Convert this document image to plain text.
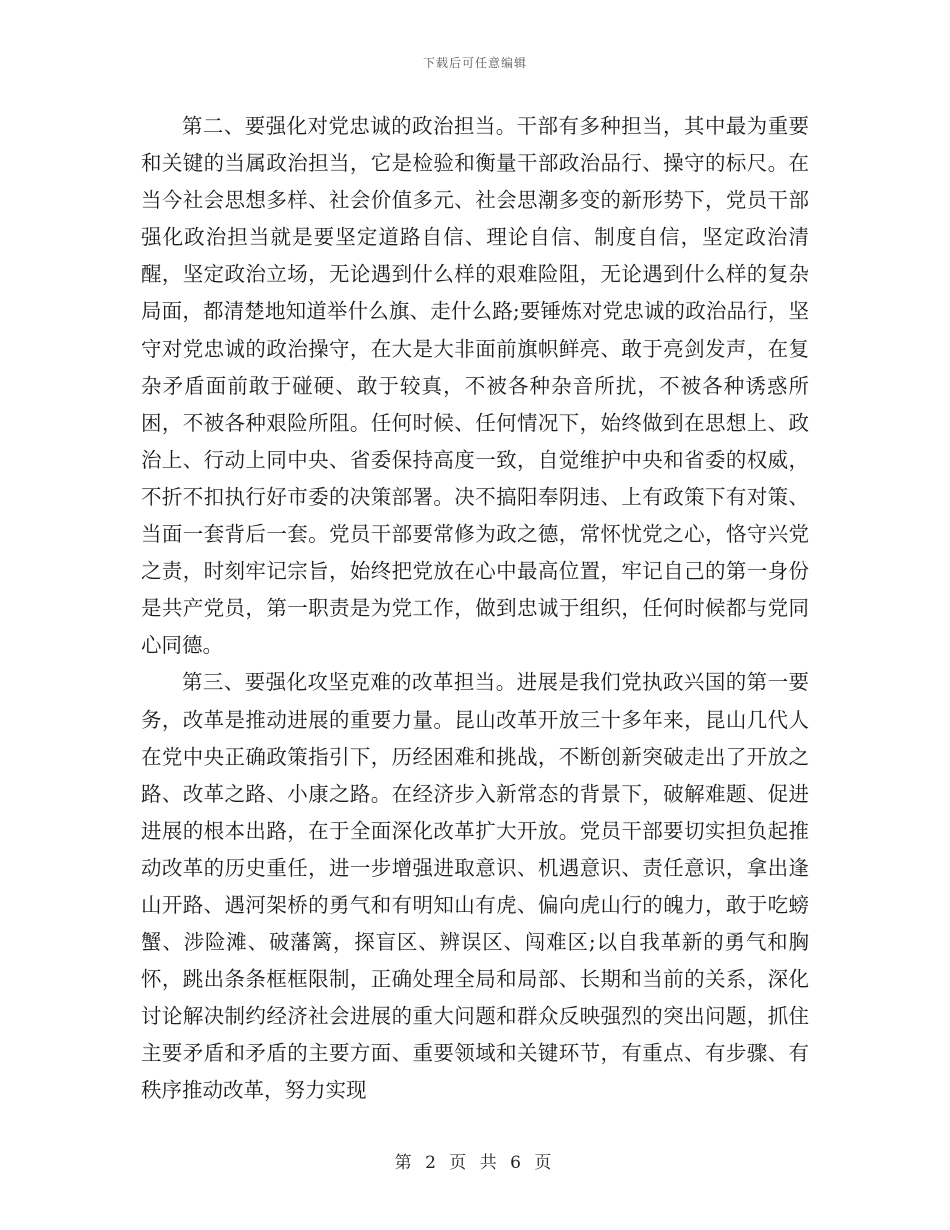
下载后可任意编辑

第二、要强化对党忠诚的政治担当。干部有多种担当，其中最为重要和关键的当属政治担当，它是检验和衡量干部政治品行、操守的标尺。在当今社会思想多样、社会价值多元、社会思潮多变的新形势下，党员干部强化政治担当就是要坚定道路自信、理论自信、制度自信，坚定政治清醒，坚定政治立场，无论遇到什么样的艰难险阻，无论遇到什么样的复杂局面，都清楚地知道举什么旗、走什么路;要锤炼对党忠诚的政治品行，坚守对党忠诚的政治操守，在大是大非面前旗帜鲜亮、敢于亮剑发声，在复杂矛盾面前敢于碰硬、敢于较真，不被各种杂音所扰，不被各种诱惑所困，不被各种艰险所阻。任何时候、任何情况下，始终做到在思想上、政治上、行动上同中央、省委保持高度一致，自觉维护中央和省委的权威，不折不扣执行好市委的决策部署。决不搞阳奉阴违、上有政策下有对策、当面一套背后一套。党员干部要常修为政之德，常怀忧党之心，恪守兴党之责，时刻牢记宗旨，始终把党放在心中最高位置，牢记自己的第一身份是共产党员，第一职责是为党工作，做到忠诚于组织，任何时候都与党同心同德。

第三、要强化攻坚克难的改革担当。进展是我们党执政兴国的第一要务，改革是推动进展的重要力量。昆山改革开放三十多年来，昆山几代人在党中央正确政策指引下，历经困难和挑战，不断创新突破走出了开放之路、改革之路、小康之路。在经济步入新常态的背景下，破解难题、促进进展的根本出路，在于全面深化改革扩大开放。党员干部要切实担负起推动改革的历史重任，进一步增强进取意识、机遇意识、责任意识，拿出逢山开路、遇河架桥的勇气和有明知山有虎、偏向虎山行的魄力，敢于吃螃蟹、涉险滩、破藩篱，探盲区、辨误区、闯难区;以自我革新的勇气和胸怀，跳出条条框框限制，正确处理全局和局部、长期和当前的关系，深化讨论解决制约经济社会进展的重大问题和群众反映强烈的突出问题，抓住主要矛盾和矛盾的主要方面、重要领域和关键环节，有重点、有步骤、有秩序推动改革，努力实现

第 2 页 共 6 页
